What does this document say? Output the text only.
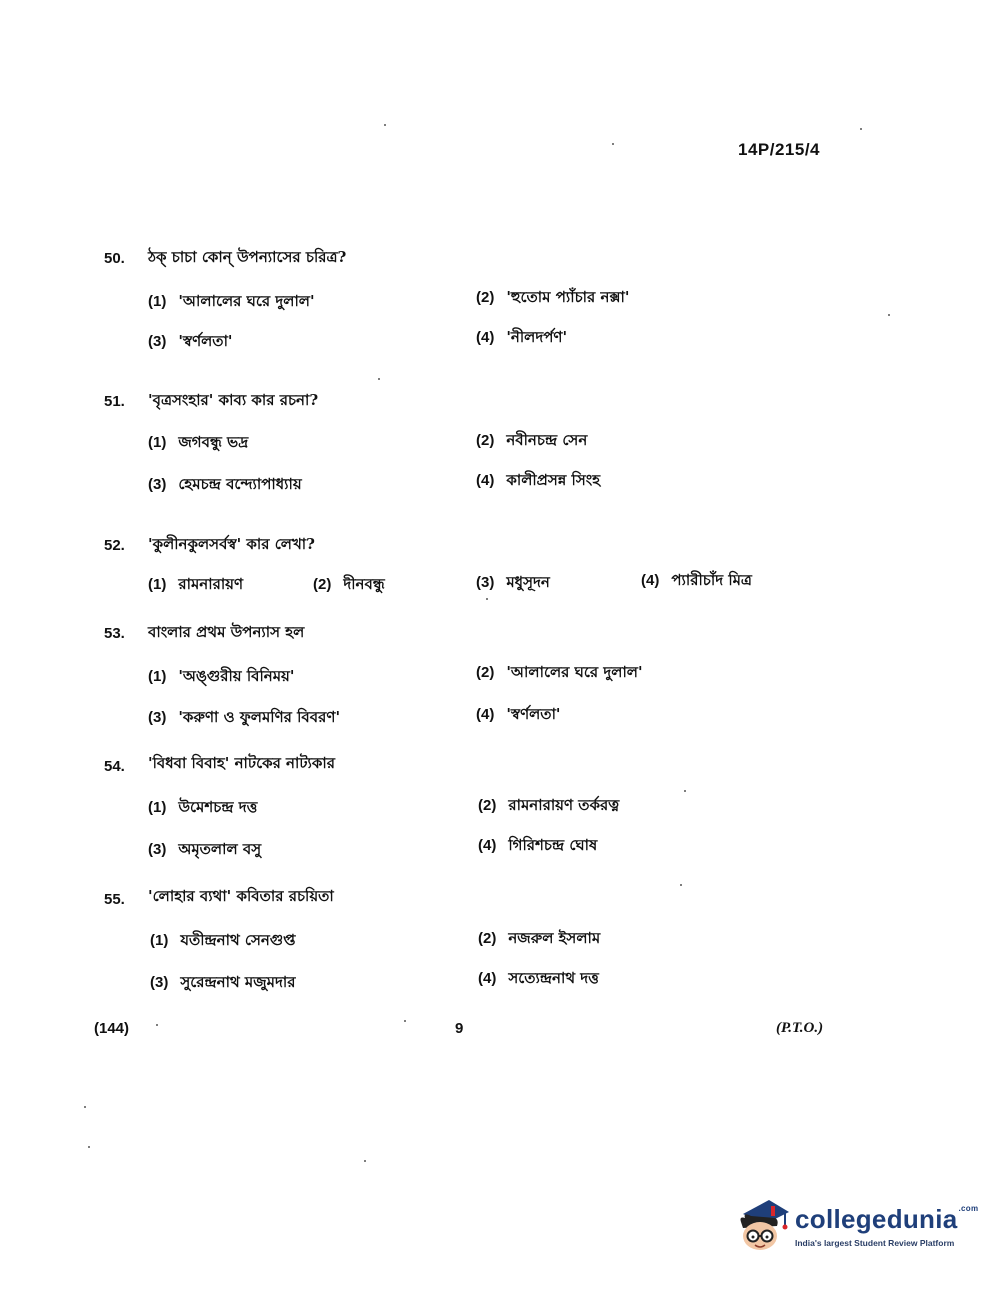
14P/215/4
50. ঠক্ চাচা কোন্ উপন্যাসের চরিত্র?
(1) 'আলালের ঘরে দুলাল'	(2) 'হুতোম প্যাঁচার নক্সা'
(3) 'স্বর্ণলতা'	(4) 'নীলদর্পণ'
51. 'বৃত্রসংহার' কাব্য কার রচনা?
(1) জগবন্ধু ভদ্র	(2) নবীনচন্দ্র সেন
(3) হেমচন্দ্র বন্দ্যোপাধ্যায়	(4) কালীপ্রসন্ন সিংহ
52. 'কুলীনকুলসর্বস্ব' কার লেখা?
(1) রামনারায়ণ	(2) দীনবন্ধু	(3) মধুসূদন	(4) প্যারীচাঁদ মিত্র
53. বাংলার প্রথম উপন্যাস হল
(1) 'অঙ্গুরীয় বিনিময়'	(2) 'আলালের ঘরে দুলাল'
(3) 'করুণা ও ফুলমণির বিবরণ'	(4) 'স্বর্ণলতা'
54. 'বিধবা বিবাহ' নাটকের নাট্যকার
(1) উমেশচন্দ্র দত্ত	(2) রামনারায়ণ তর্করত্ন
(3) অমৃতলাল বসু	(4) গিরিশচন্দ্র ঘোষ
55. 'লোহার ব্যথা' কবিতার রচয়িতা
(1) যতীন্দ্রনাথ সেনগুপ্ত	(2) নজরুল ইসলাম
(3) সুরেন্দ্রনাথ মজুমদার	(4) সত্যেন্দ্রনাথ দত্ত
(144)	9	(P.T.O.)
collegedunia$^{.com}$
India's largest Student Review Platform
